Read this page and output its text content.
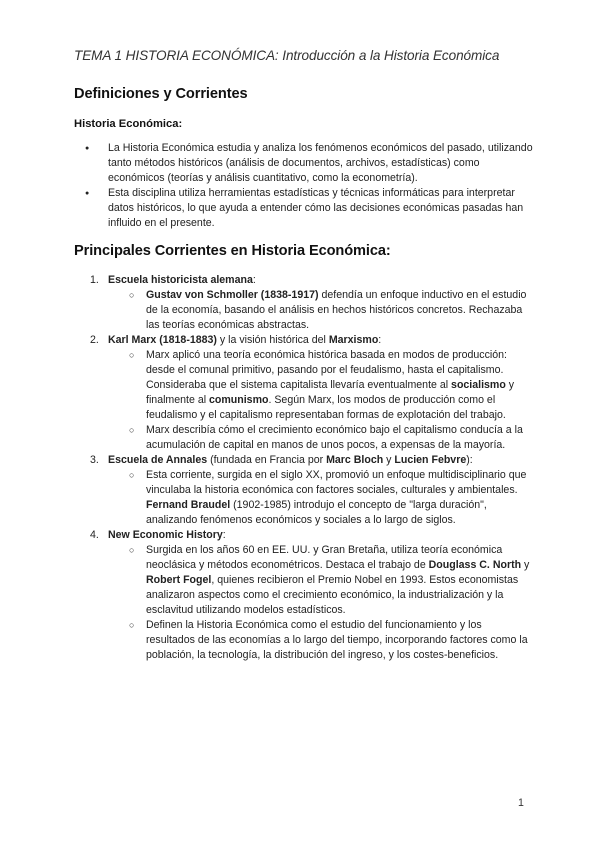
TEMA 1 HISTORIA ECONÓMICA: Introducción a la Historia Económica
Definiciones y Corrientes
Historia Económica:
● La Historia Económica estudia y analiza los fenómenos económicos del pasado, utilizando tanto métodos históricos (análisis de documentos, archivos, estadísticas) como económicos (teorías y análisis cuantitativo, como la econometría).
● Esta disciplina utiliza herramientas estadísticas y técnicas informáticas para interpretar datos históricos, lo que ayuda a entender cómo las decisiones económicas pasadas han influido en el presente.
Principales Corrientes en Historia Económica:
1. Escuela historicista alemana:
○ Gustav von Schmoller (1838-1917) defendía un enfoque inductivo en el estudio de la economía, basando el análisis en hechos históricos concretos. Rechazaba las teorías económicas abstractas.
2. Karl Marx (1818-1883) y la visión histórica del Marxismo:
○ Marx aplicó una teoría económica histórica basada en modos de producción: desde el comunal primitivo, pasando por el feudalismo, hasta el capitalismo. Consideraba que el sistema capitalista llevaría eventualmente al socialismo y finalmente al comunismo. Según Marx, los modos de producción como el feudalismo y el capitalismo representaban formas de explotación del trabajo.
○ Marx describía cómo el crecimiento económico bajo el capitalismo conducía a la acumulación de capital en manos de unos pocos, a expensas de la mayoría.
3. Escuela de Annales (fundada en Francia por Marc Bloch y Lucien Febvre):
○ Esta corriente, surgida en el siglo XX, promovió un enfoque multidisciplinario que vinculaba la historia económica con factores sociales, culturales y ambientales. Fernand Braudel (1902-1985) introdujo el concepto de "larga duración", analizando fenómenos económicos y sociales a lo largo de siglos.
4. New Economic History:
○ Surgida en los años 60 en EE. UU. y Gran Bretaña, utiliza teoría económica neoclásica y métodos econométricos. Destaca el trabajo de Douglass C. North y Robert Fogel, quienes recibieron el Premio Nobel en 1993. Estos economistas analizaron aspectos como el crecimiento económico, la industrialización y la esclavitud utilizando modelos estadísticos.
○ Definen la Historia Económica como el estudio del funcionamiento y los resultados de las economías a lo largo del tiempo, incorporando factores como la población, la tecnología, la distribución del ingreso, y los costes-beneficios.
1
